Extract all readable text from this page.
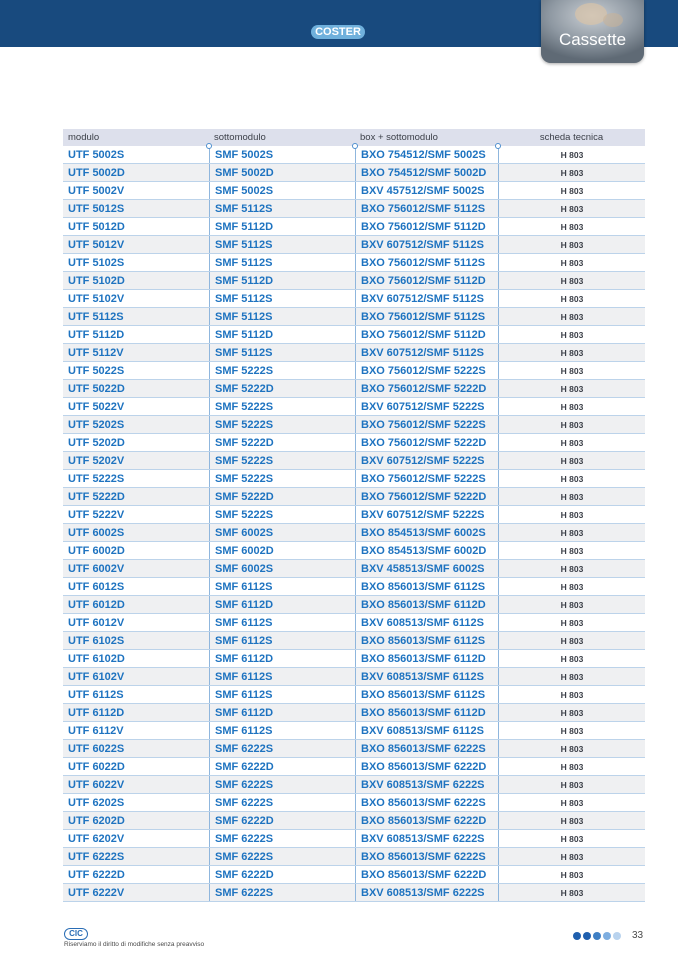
COSTER	Cassette
modulo	sottomodulo	box + sottomodulo	scheda tecnica
UTF 5002S	SMF 5002S	BXO 754512/SMF 5002S	H 803
UTF 5002D	SMF 5002D	BXO 754512/SMF 5002D	H 803
UTF 5002V	SMF 5002S	BXV 457512/SMF 5002S	H 803
UTF 5012S	SMF 5112S	BXO 756012/SMF 5112S	H 803
UTF 5012D	SMF 5112D	BXO 756012/SMF 5112D	H 803
UTF 5012V	SMF 5112S	BXV 607512/SMF 5112S	H 803
UTF 5102S	SMF 5112S	BXO 756012/SMF 5112S	H 803
UTF 5102D	SMF 5112D	BXO 756012/SMF 5112D	H 803
UTF 5102V	SMF 5112S	BXV 607512/SMF 5112S	H 803
UTF 5112S	SMF 5112S	BXO 756012/SMF 5112S	H 803
UTF 5112D	SMF 5112D	BXO 756012/SMF 5112D	H 803
UTF 5112V	SMF 5112S	BXV 607512/SMF 5112S	H 803
UTF 5022S	SMF 5222S	BXO 756012/SMF 5222S	H 803
UTF 5022D	SMF 5222D	BXO 756012/SMF 5222D	H 803
UTF 5022V	SMF 5222S	BXV 607512/SMF 5222S	H 803
UTF 5202S	SMF 5222S	BXO 756012/SMF 5222S	H 803
UTF 5202D	SMF 5222D	BXO 756012/SMF 5222D	H 803
UTF 5202V	SMF 5222S	BXV 607512/SMF 5222S	H 803
UTF 5222S	SMF 5222S	BXO 756012/SMF 5222S	H 803
UTF 5222D	SMF 5222D	BXO 756012/SMF 5222D	H 803
UTF 5222V	SMF 5222S	BXV 607512/SMF 5222S	H 803
UTF 6002S	SMF 6002S	BXO 854513/SMF 6002S	H 803
UTF 6002D	SMF 6002D	BXO 854513/SMF 6002D	H 803
UTF 6002V	SMF 6002S	BXV 458513/SMF 6002S	H 803
UTF 6012S	SMF 6112S	BXO 856013/SMF 6112S	H 803
UTF 6012D	SMF 6112D	BXO 856013/SMF 6112D	H 803
UTF 6012V	SMF 6112S	BXV 608513/SMF 6112S	H 803
UTF 6102S	SMF 6112S	BXO 856013/SMF 6112S	H 803
UTF 6102D	SMF 6112D	BXO 856013/SMF 6112D	H 803
UTF 6102V	SMF 6112S	BXV 608513/SMF 6112S	H 803
UTF 6112S	SMF 6112S	BXO 856013/SMF 6112S	H 803
UTF 6112D	SMF 6112D	BXO 856013/SMF 6112D	H 803
UTF 6112V	SMF 6112S	BXV 608513/SMF 6112S	H 803
UTF 6022S	SMF 6222S	BXO 856013/SMF 6222S	H 803
UTF 6022D	SMF 6222D	BXO 856013/SMF 6222D	H 803
UTF 6022V	SMF 6222S	BXV 608513/SMF 6222S	H 803
UTF 6202S	SMF 6222S	BXO 856013/SMF 6222S	H 803
UTF 6202D	SMF 6222D	BXO 856013/SMF 6222D	H 803
UTF 6202V	SMF 6222S	BXV 608513/SMF 6222S	H 803
UTF 6222S	SMF 6222S	BXO 856013/SMF 6222S	H 803
UTF 6222D	SMF 6222D	BXO 856013/SMF 6222D	H 803
UTF 6222V	SMF 6222S	BXV 608513/SMF 6222S	H 803
CIC
Riserviamo il diritto di modifiche senza preavviso
33
